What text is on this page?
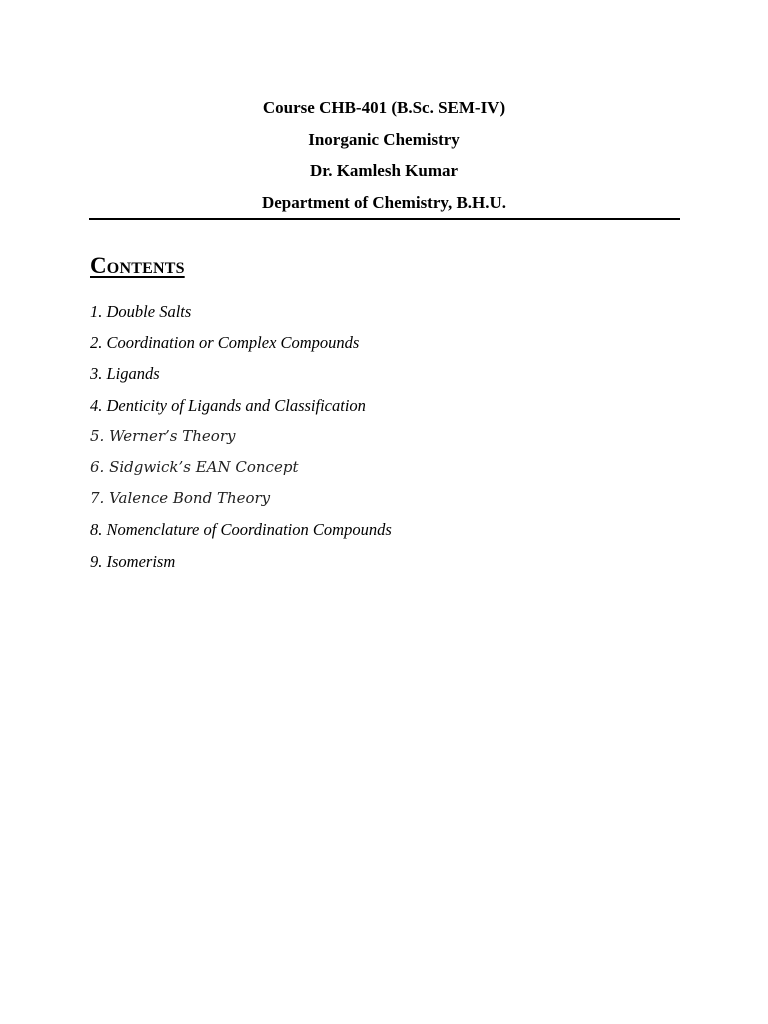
Course CHB-401 (B.Sc. SEM-IV)

Inorganic Chemistry

Dr. Kamlesh Kumar

Department of Chemistry, B.H.U.

Contents
1. Double Salts
2. Coordination or Complex Compounds
3. Ligands
4. Denticity of Ligands and Classification
5. Werner’s Theory
6. Sidgwick’s EAN Concept
7. Valence Bond Theory
8. Nomenclature of Coordination Compounds
9. Isomerism
